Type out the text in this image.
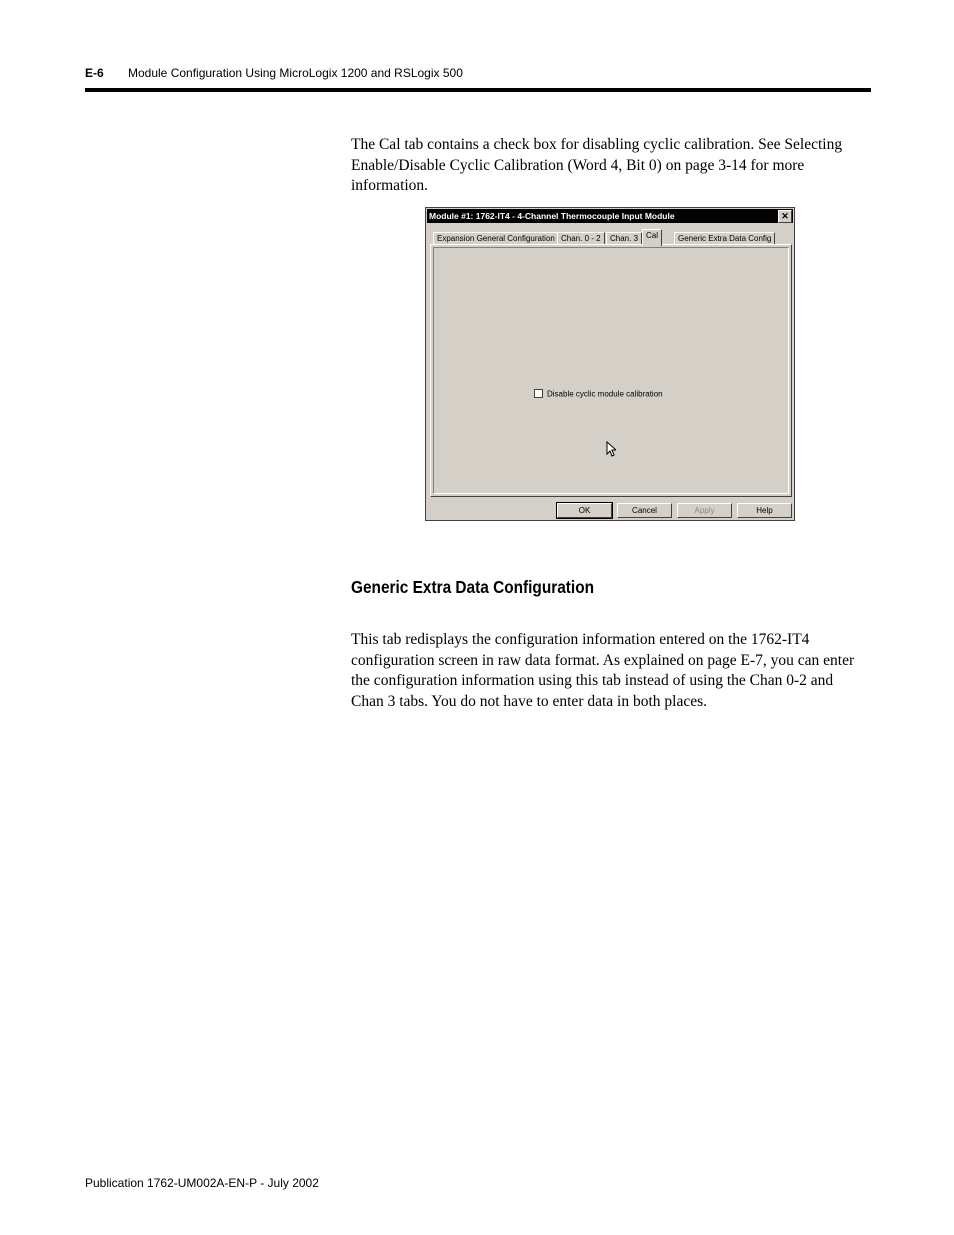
E-6 Module Configuration Using MicroLogix 1200 and RSLogix 500
The Cal tab contains a check box for disabling cyclic calibration. See Selecting Enable/Disable Cyclic Calibration (Word 4, Bit 0) on page 3-14 for more information.
Module #1: 1762-IT4 - 4-Channel Thermocouple Input Module	✕
Expansion General Configuration Chan. 0 - 2	Chan. 3 Cal	Generic Extra Data Config
Disable cyclic module calibration
OK	Cancel	Apply	Help
Generic Extra Data Configuration
This tab redisplays the configuration information entered on the 1762-IT4 configuration screen in raw data format. As explained on page E-7, you can enter the configuration information using this tab instead of using the Chan 0-2 and Chan 3 tabs. You do not have to enter data in both places.
Publication 1762-UM002A-EN-P - July 2002
